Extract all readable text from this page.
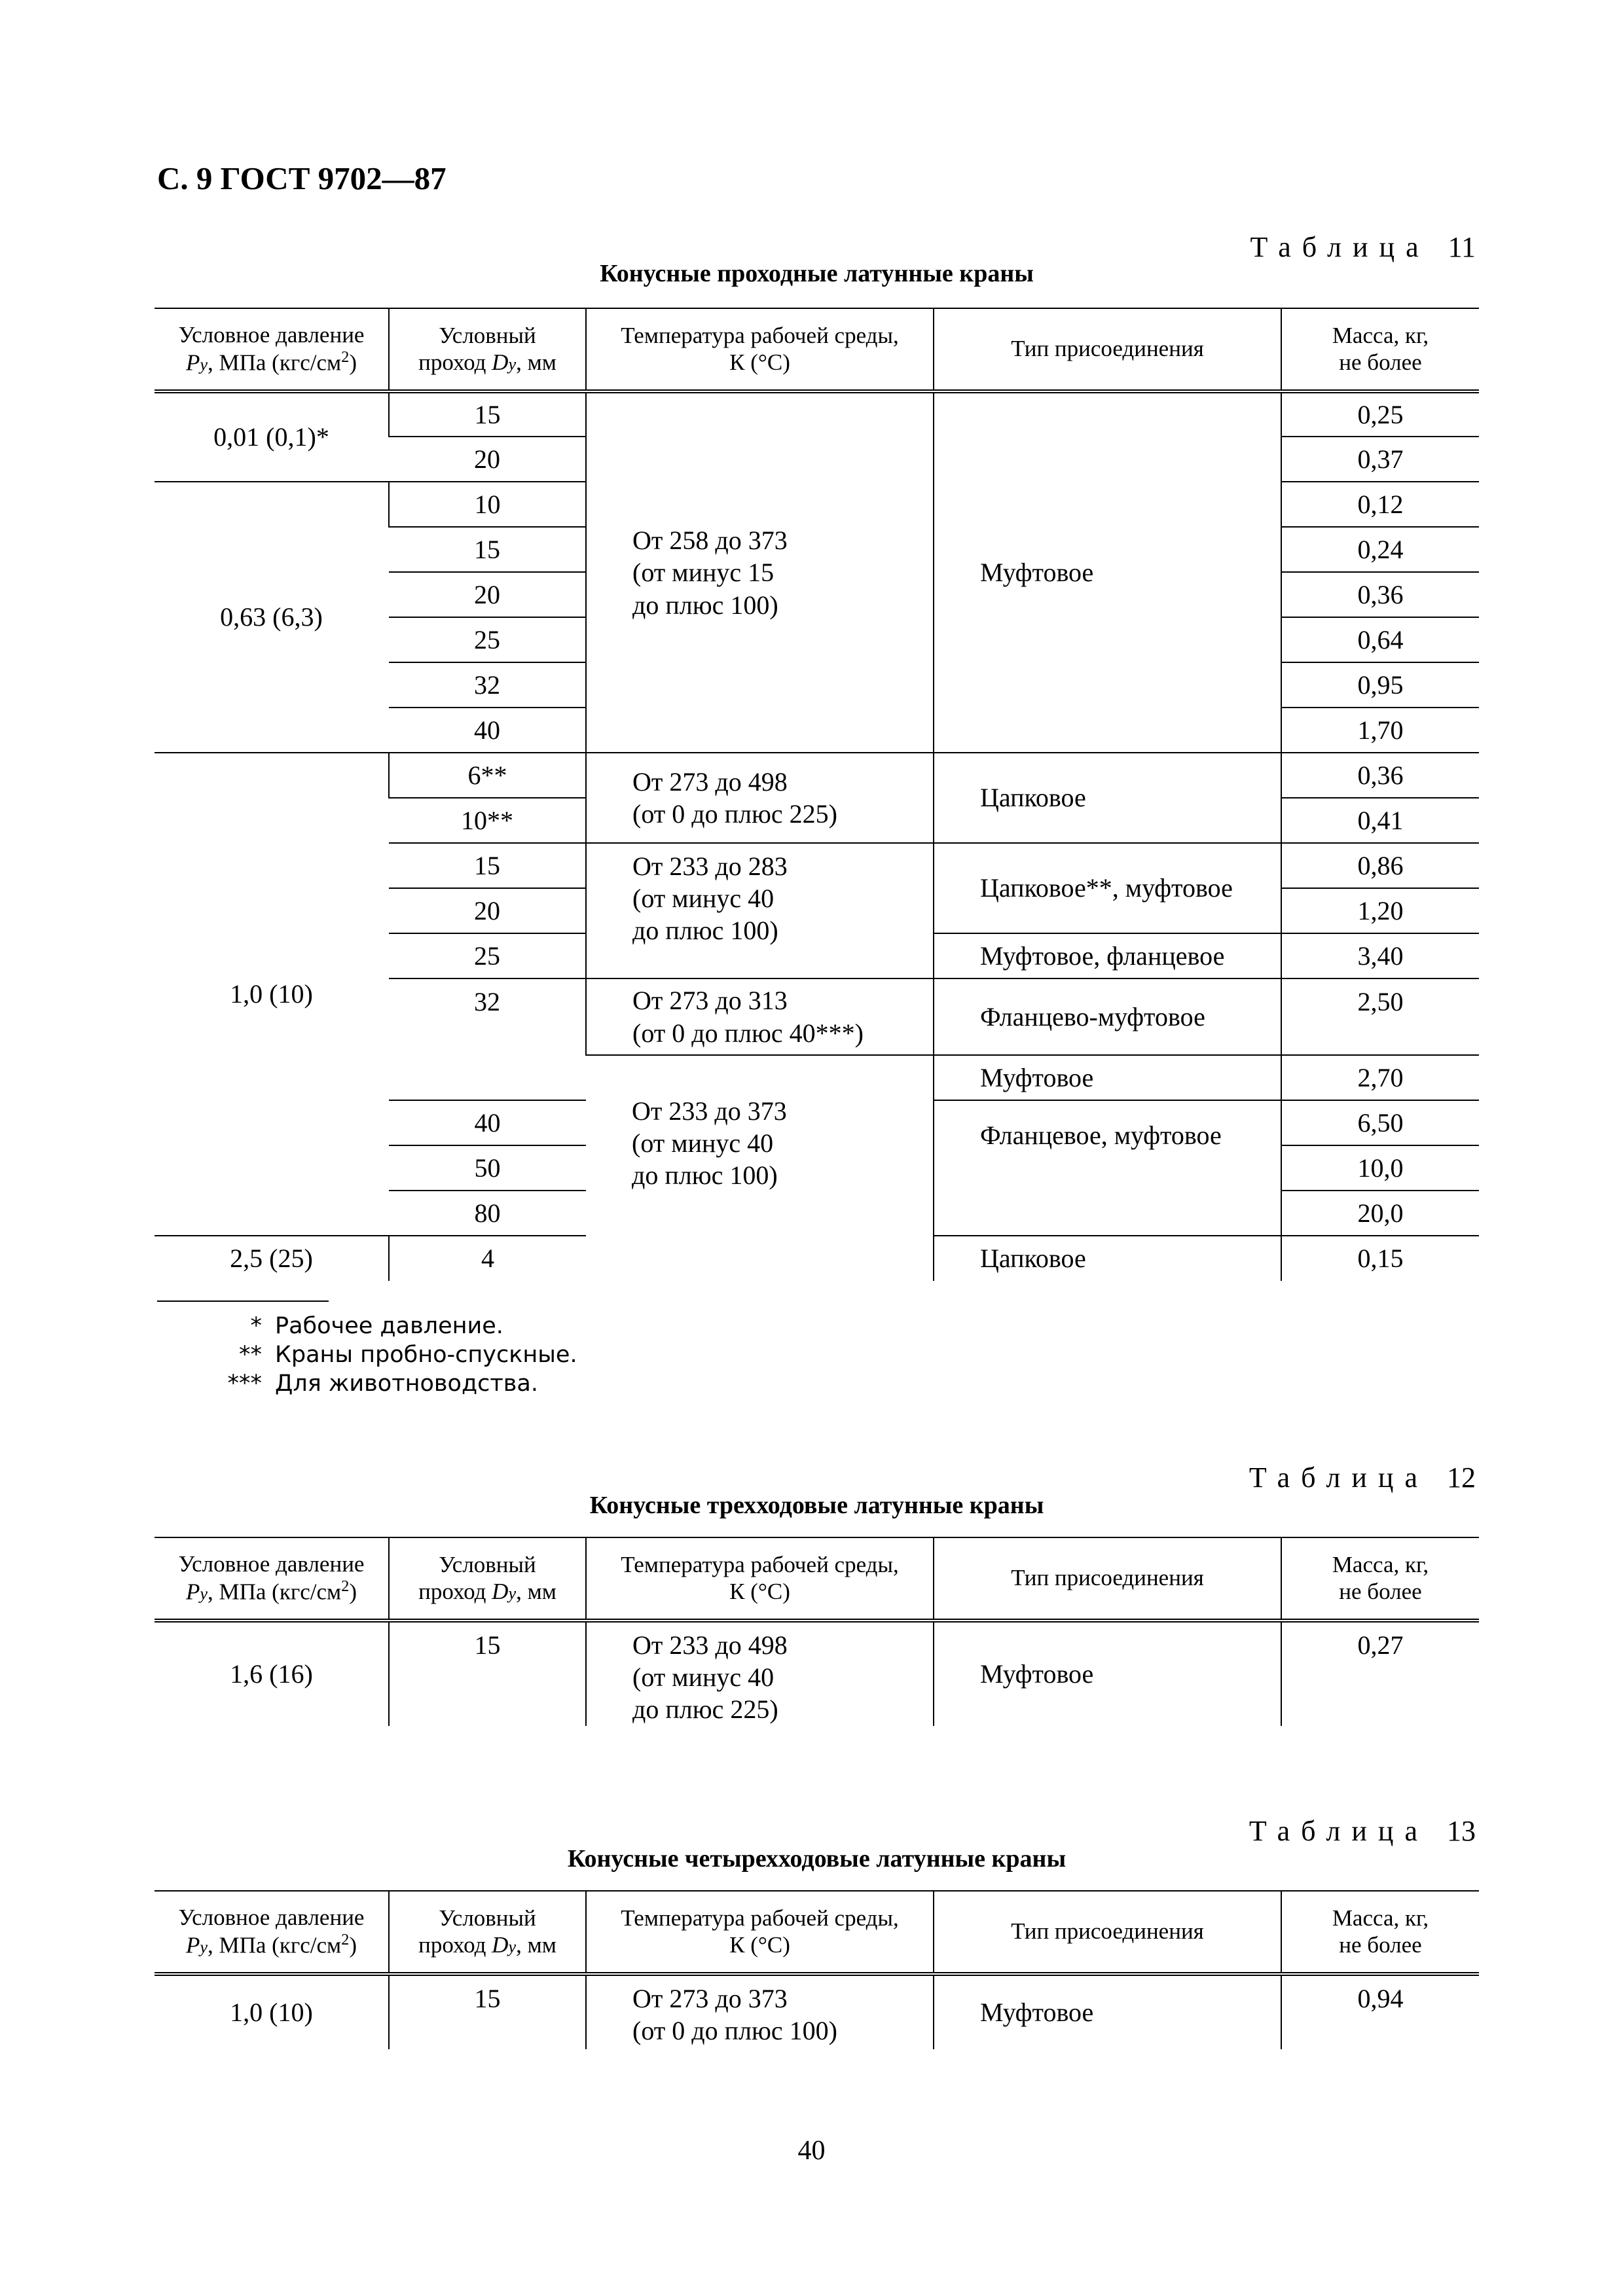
С. 9 ГОСТ 9702—87
Таблица 11
Конусные проходные латунные краны
Условное давление
Py, МПа $(кгс/см^2)$	Условный
проход Dy, мм	Температура рабочей среды,
К (°С)	Тип присоединения	Масса, кг,
не более
0,01 (0,1)*	15	От 258 до 373
(от минус 15
до плюс 100)	Муфтовое	0,25
	20			0,37
0,63 (6,3)	10			0,12
	15			0,24
	20			0,36
	25			0,64
	32			0,95
	40			1,70
1,0 (10)	6**	От 273 до 498
(от 0 до плюс 225)	Цапковое	0,36
	10**			0,41
	15	От 233 до 283
(от минус 40
до плюс 100)	Цапковое**, муфтовое	0,86
	20			1,20
	25		Муфтовое, фланцевое	3,40
	32	От 273 до 313
(от 0 до плюс 40***)	Фланцево-муфтовое	2,50
		От 233 до 373
(от минус 40
до плюс 100)	Муфтовое	2,70
	40		Фланцевое, муфтовое	6,50
	50			10,0
	80			20,0
2,5 (25)	4		Цапковое	0,15
* Рабочее давление.
** Краны пробно-спускные.
*** Для животноводства.
Таблица 12
Конусные трехходовые латунные краны
Условное давление
Py, МПа $(кгс/см^2)$	Условный
проход Dy, мм	Температура рабочей среды,
К (°С)	Тип присоединения	Масса, кг,
не более
1,6 (16)	15	От 233 до 498
(от минус 40
до плюс 225)	Муфтовое	0,27
Таблица 13
Конусные четырехходовые латунные краны
Условное давление
Py, МПа $(кгс/см^2)$	Условный
проход Dy, мм	Температура рабочей среды,
К (°С)	Тип присоединения	Масса, кг,
не более
1,0 (10)	15	От 273 до 373
(от 0 до плюс 100)	Муфтовое	0,94
40
